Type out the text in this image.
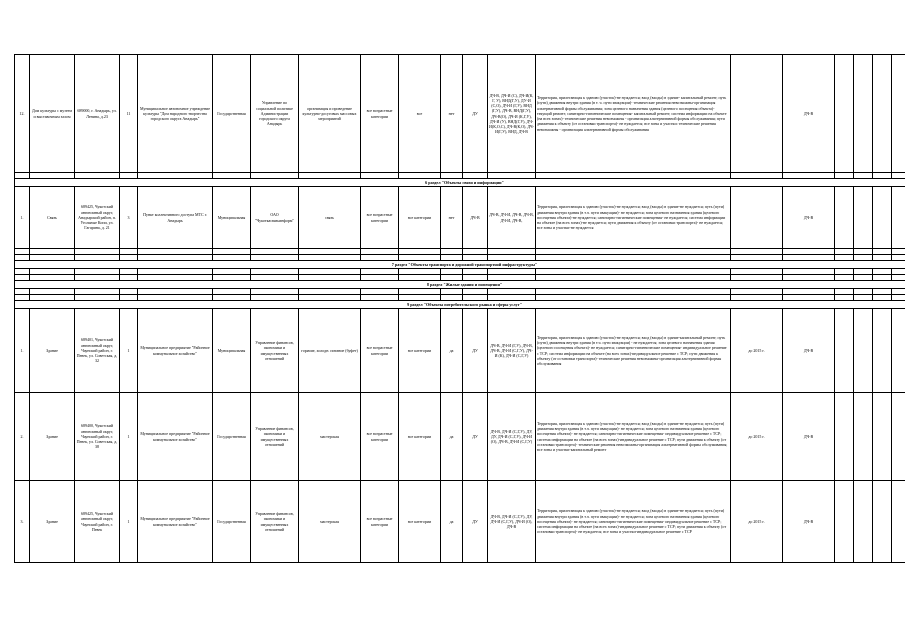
12.	Дом культуры с музеем и выставочным залом	689000, г. Анадырь, ул. Ленина, д.23	11	Муниципальное автономное учреждение культуры "Дом народного творчества городского округа Анадырь"	Государственная	Управление по социальной политике Администрации городского округа Анадырь	организация и проведение культурно-досуговых массовых мероприятий	все возрастные категории	все	нет	ДУ	ДЧ-В, ДЧ-И (С), ДЧ-И(К, Г, У), ВНД(Г,У), ДУ-И (С,О), ДЧ-И (Г,У), ВНД (Г,У), ДЧ-В, ВНД(Г,У), ДЧ-В(О), ДЧ-И (К,Г,У), ДЧ-И (У), ВНД(Г,У), ДЧ-И(К,О,С), ДЧ-В(К,О), ДЧ-И(Г,У), ВНД, ДЧ-В	Территория, прилегающая к зданию (участок)-не нуждается; вход (входы) в здание- капитальный ремонт; путь (пути) движения внутри здания (в т. ч. пути эвакуации)- технические решения невозможны-организация альтернативной формы обслуживания; зона целевого назначения здания (целевого посещения объекта)- текущий ремонт; санитарно-гигиенические помещения- капитальный ремонт; система информации на объекте (на всех зонах)- технические решения невозможны - организация альтернативной формы обслуживания; пути движения к объекту (от остановки транспорта)- не нуждается; все зоны и участки: технические решения невозможны - организация альтернативной формы обслуживания		ДЧ-В				

6 раздел "Объекты связи и информации"																			
1.	Связь	689425, Чукотский автономный округ, Анадырский район, п. Угольные Копи, ул. Гагарина, д. 21	3	Пункт коллективного доступа МТС г. Анадырь	Муниципальная	ОАО "Чукоткасвязьинформ"	связь	все возрастные категории	все категории	нет	ДЧ-В	ДЧ-В, ДЧ-И, ДЧ-В, ДЧ-В, ДЧ-И, ДЧ-В,	Территория, прилегающая к зданию (участок)-не нуждается; вход (входы) в здание-не нуждается; путь (пути) движения внутри здания (в т.ч. пути эвакуации)- не нуждается; зона целевого назначения здания (целевого посещения объекта)-не нуждается; санитарно-гигиенические помещения- не нуждается; система информации на объекте (на всех зонах)-не нуждается; пути движения к объекту (от остановки транспорта)- не нуждается; все зоны и участки-не нуждается		ДЧ-В				

7 раздел "Объекты транспорта и дорожной транспортной инфраструктуры"																			

8 раздел "Жилые здания и помещения"																			

9 раздел "Объекты потребительского рынка и сферы услуг"																			
1.	Здание	689401, Чукотский автономный округ, Чаунский район, г. Певек, ул. Советская, д. 32	1	Муниципальное предприятие "Районное коммунальное хозяйство"	Муниципальная	Управление финансов, экономики и имущественных отношений	горячие, холодн. питание (буфет)	все возрастные категории	все категории	да	ДУ	ДЧ-В, ДЧ-И (Г,У), ДЧ-В, ДЧ-В, ДЧ-И (С,Г,У), ДЧ-И (К), ДЧ-И (С,Г,У)	Территория, прилегающая к зданию (участок)-не нуждается; вход (входы) в здание-капитальный ремонт; путь (пути) движения внутри здания (в т.ч. пути эвакуации) - не нуждается; зона целевого назначения здания (целевого посещения объекта)- не нуждается; санитарно-гигиенические помещения- индивидуальное решение с ТСР; система информации на объекте (на всех зонах)-индивидуальное решение с ТСР; пути движения к объекту (от остановки транспорта)- технические решения невозможны-организация альтернативной формы обслуживания	до 2015 г.	ДЧ-В				
2.	Здание	689400, Чукотский автономный округ, Чаунский район, г. Певек, ул. Советская, д. 38	1	Муниципальное предприятие "Районное коммунальное хозяйство"	Государственная	Управление финансов, экономики и имущественных отношений	мастерская	все возрастные категории	все категории	да	ДУ	ДЧ-В, ДЧ-И (С,Г,У), ДУ, ДУ, ДЧ-И (С,Г,У), ДЧ-И (О), ДЧ-В, ДЧ-И (С,Г,У)	Территория, прилегающая к зданию (участок)-не нуждается; вход (входы) в здание-не нуждается; путь (пути) движения внутри здания (в т.ч. пути эвакуации)- не нуждается; зона целевого назначения здания (целевого посещения объекта)- не нуждается; санитарно-гигиенические помещения- индивидуальное решение с ТСР; система информации на объекте (на всех зонах)-индивидуальное решение с ТСР; пути движения к объекту (от остановки транспорта)- технические решения невозможны-организация альтернативной формы обслуживания; все зоны и участки-капитальный ремонт	до 2015 г.	ДЧ-В				
3.	Здание	689425, Чукотский автономный округ, Чаунский район, г. Певек	1	Муниципальное предприятие "Районное коммунальное хозяйство"	Государственная	Управление финансов, экономики и имущественных отношений	мастерская	все возрастные категории	все категории	да	ДУ	ДЧ-В, ДЧ-И (С,Г,У), ДУ, ДЧ-И (С,Г,У), ДЧ-И (О), ДЧ-В	Территория, прилегающая к зданию (участок)-не нуждается; вход (входы) в здание-не нуждается; путь (пути) движения внутри здания (в т.ч. пути эвакуации)- не нуждается; зона целевого назначения здания (целевого посещения объекта)- не нуждается; санитарно-гигиенические помещения- индивидуальное решение с ТСР; система информации на объекте (на всех зонах)-индивидуальное решение с ТСР; пути движения к объекту (от остановки транспорта)- не нуждается; все зоны и участки-индивидуальное решение с ТСР	до 2015 г.	ДЧ-В				
